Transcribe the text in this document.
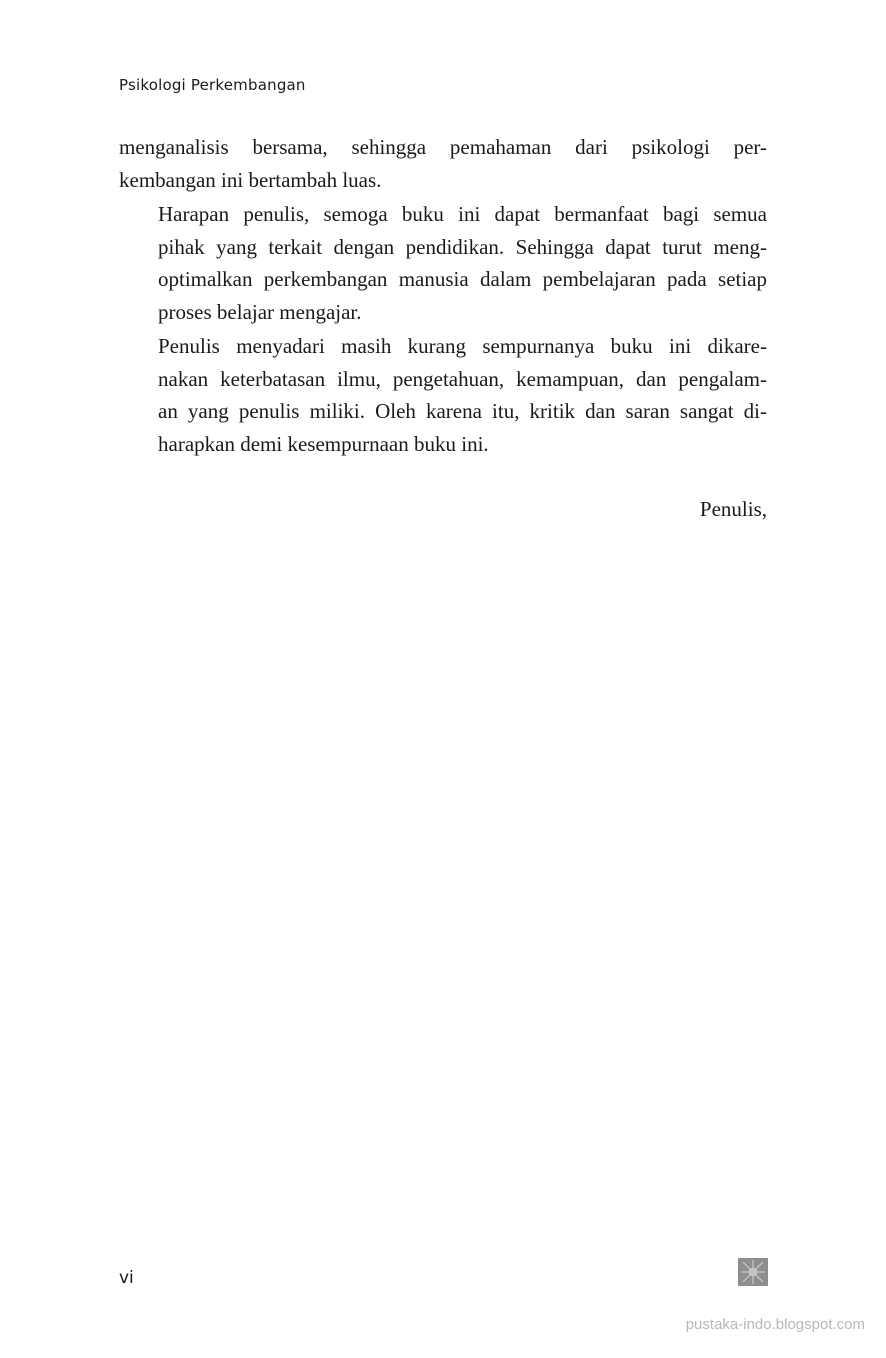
Psikologi Perkembangan

menganalisis bersama, sehingga pemahaman dari psikologi per-
kembangan ini bertambah luas.

Harapan penulis, semoga buku ini dapat bermanfaat bagi semua
pihak yang terkait dengan pendidikan. Sehingga dapat turut meng-
optimalkan perkembangan manusia dalam pembelajaran pada setiap
proses belajar mengajar.

Penulis menyadari masih kurang sempurnanya buku ini dikare-
nakan keterbatasan ilmu, pengetahuan, kemampuan, dan pengalam-
an yang penulis miliki. Oleh karena itu, kritik dan saran sangat di-
harapkan demi kesempurnaan buku ini.

Penulis,
vi
pustaka-indo.blogspot.com
